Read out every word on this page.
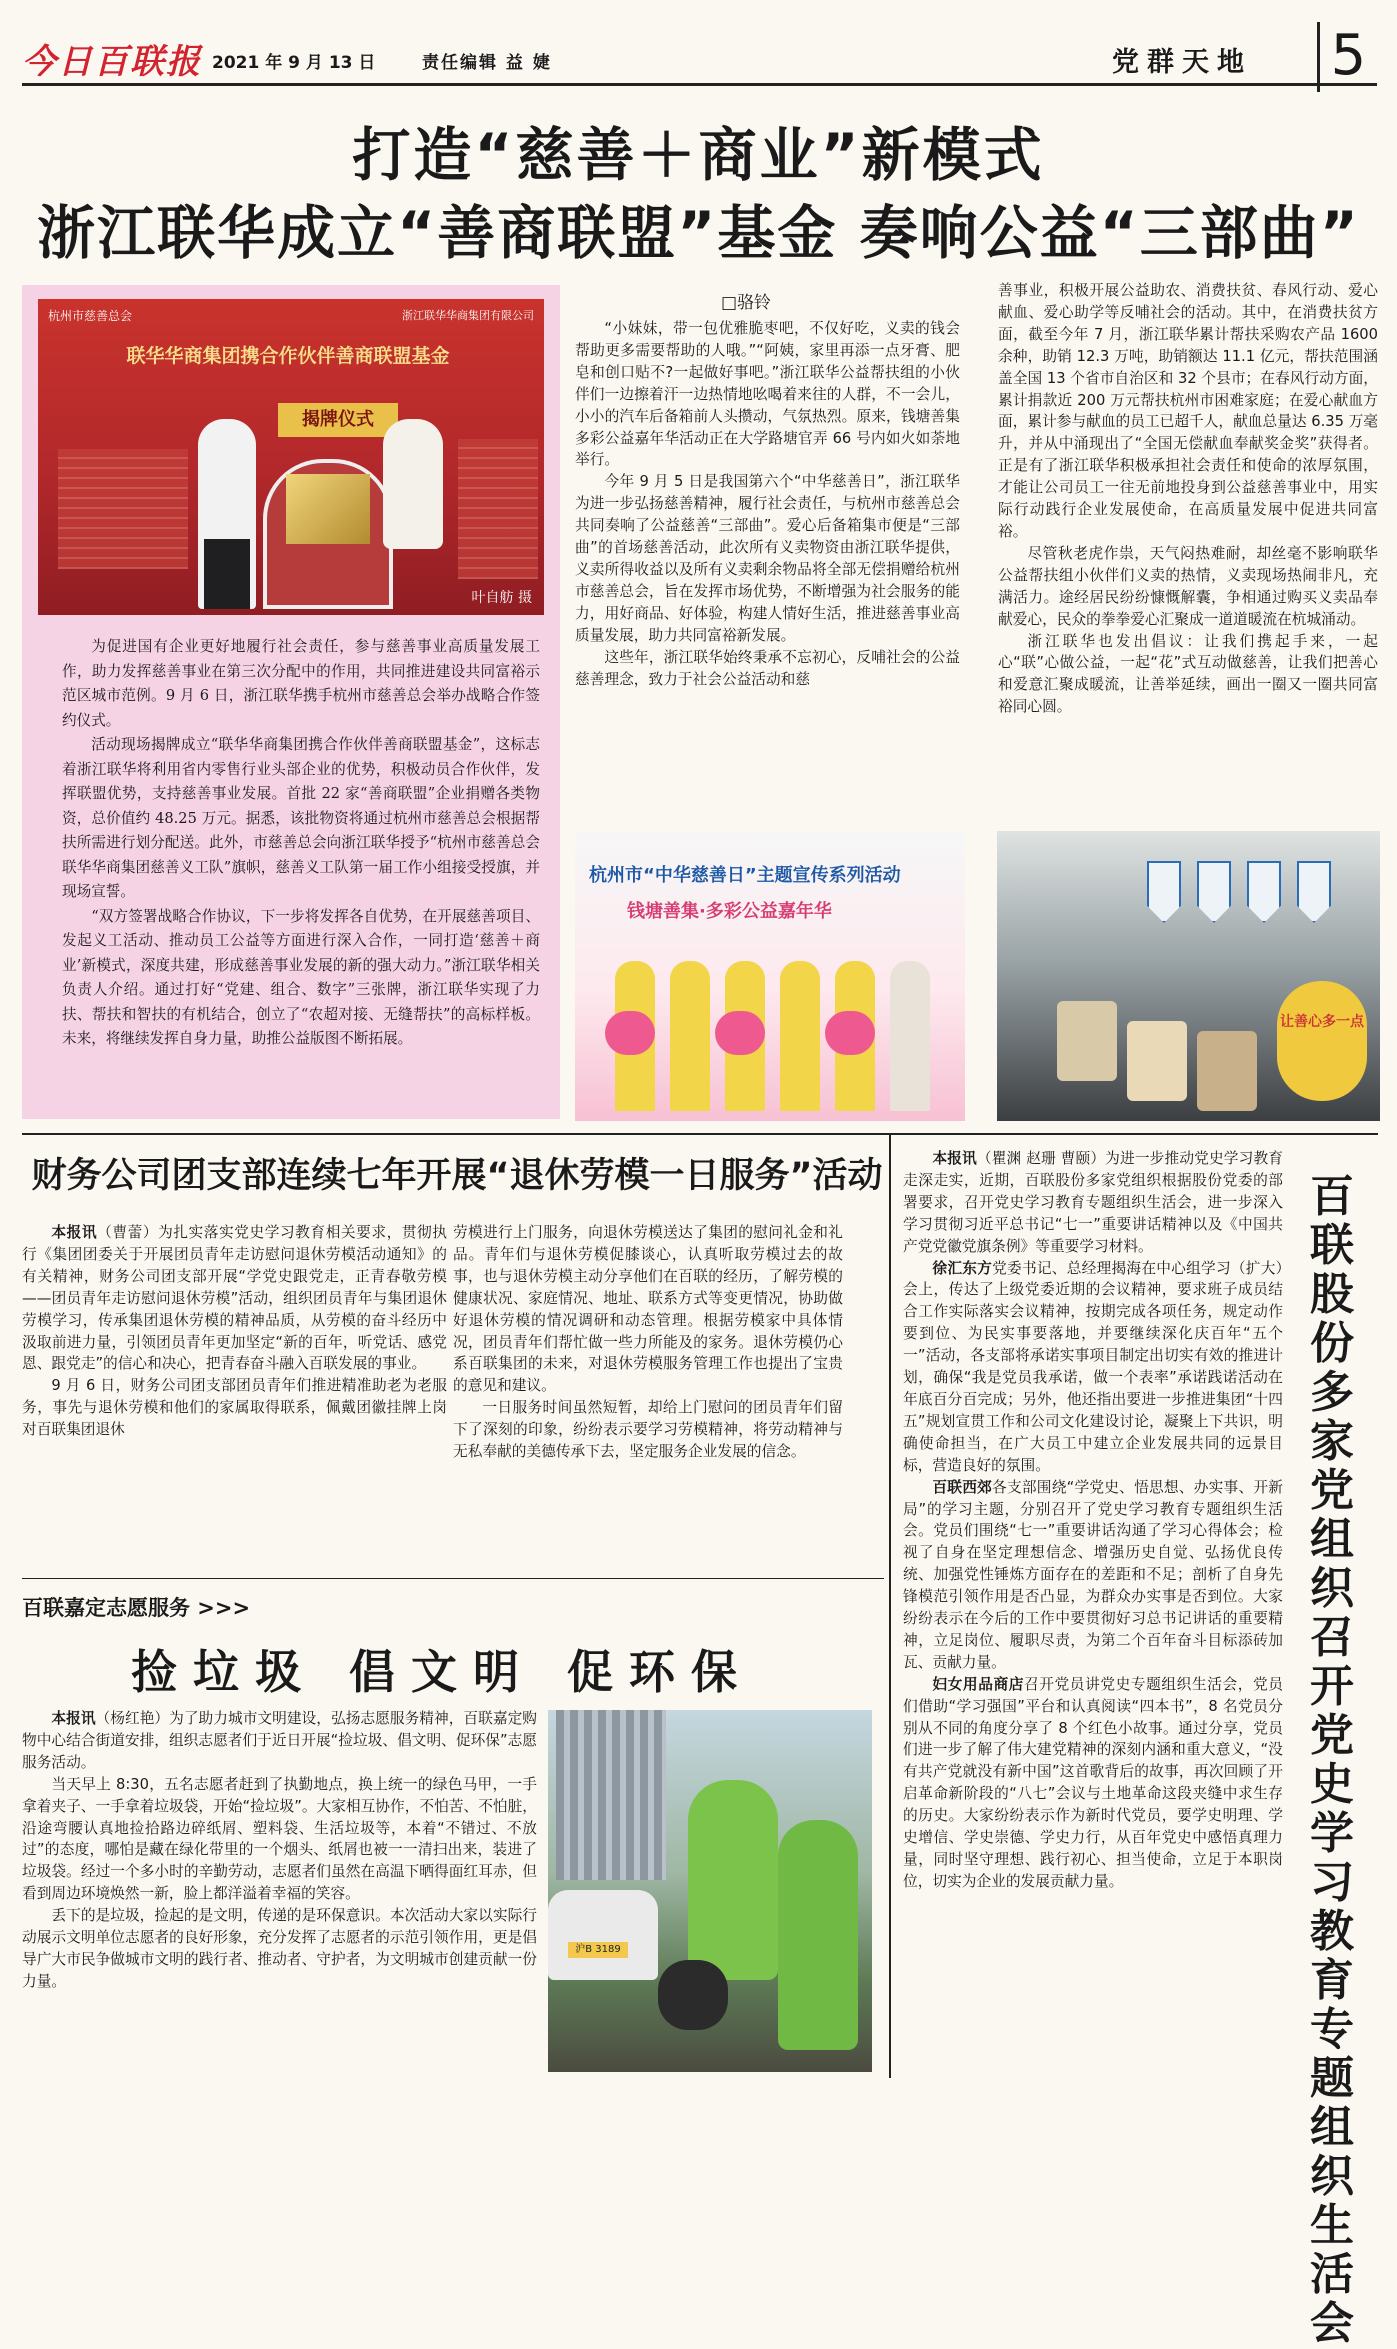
今日百联报 2021 年 9 月 13 日	责任编辑 益 婕	党群天地 5
打造“慈善＋商业”新模式
浙江联华成立“善商联盟”基金 奏响公益“三部曲”
杭州市慈善总会	浙江联华华商集团有限公司
联华华商集团携合作伙伴善商联盟基金
揭牌仪式
叶自舫 摄

为促进国有企业更好地履行社会责任，参与慈善事业高质量发展工作，助力发挥慈善事业在第三次分配中的作用，共同推进建设共同富裕示范区城市范例。9 月 6 日，浙江联华携手杭州市慈善总会举办战略合作签约仪式。

活动现场揭牌成立“联华华商集团携合作伙伴善商联盟基金”，这标志着浙江联华将利用省内零售行业头部企业的优势，积极动员合作伙伴，发挥联盟优势，支持慈善事业发展。首批 22 家“善商联盟”企业捐赠各类物资，总价值约 48.25 万元。据悉，该批物资将通过杭州市慈善总会根据帮扶所需进行划分配送。此外，市慈善总会向浙江联华授予“杭州市慈善总会联华华商集团慈善义工队”旗帜，慈善义工队第一届工作小组接受授旗，并现场宣誓。

“双方签署战略合作协议，下一步将发挥各自优势，在开展慈善项目、发起义工活动、推动员工公益等方面进行深入合作，一同打造‘慈善＋商业’新模式，深度共建，形成慈善事业发展的新的强大动力。”浙江联华相关负责人介绍。通过打好“党建、组合、数字”三张牌，浙江联华实现了力扶、帮扶和智扶的有机结合，创立了“农超对接、无缝帮扶”的高标样板。未来，将继续发挥自身力量，助推公益版图不断拓展。

□骆铃

“小妹妹，带一包优雅脆枣吧，不仅好吃，义卖的钱会帮助更多需要帮助的人哦。”“阿姨，家里再添一点牙膏、肥皂和创口贴不?一起做好事吧。”浙江联华公益帮扶组的小伙伴们一边擦着汗一边热情地吆喝着来往的人群，不一会儿，小小的汽车后备箱前人头攒动，气氛热烈。原来，钱塘善集多彩公益嘉年华活动正在大学路塘官弄 66 号内如火如荼地举行。

今年 9 月 5 日是我国第六个“中华慈善日”，浙江联华为进一步弘扬慈善精神，履行社会责任，与杭州市慈善总会共同奏响了公益慈善“三部曲”。爱心后备箱集市便是“三部曲”的首场慈善活动，此次所有义卖物资由浙江联华提供，义卖所得收益以及所有义卖剩余物品将全部无偿捐赠给杭州市慈善总会，旨在发挥市场优势，不断增强为社会服务的能力，用好商品、好体验，构建人情好生活，推进慈善事业高质量发展，助力共同富裕新发展。

这些年，浙江联华始终秉承不忘初心，反哺社会的公益慈善理念，致力于社会公益活动和慈

善事业，积极开展公益助农、消费扶贫、春风行动、爱心献血、爱心助学等反哺社会的活动。其中，在消费扶贫方面，截至今年 7 月，浙江联华累计帮扶采购农产品 1600 余种，助销 12.3 万吨，助销额达 11.1 亿元，帮扶范围涵盖全国 13 个省市自治区和 32 个县市；在春风行动方面，累计捐款近 200 万元帮扶杭州市困难家庭；在爱心献血方面，累计参与献血的员工已超千人，献血总量达 6.35 万毫升，并从中涌现出了“全国无偿献血奉献奖金奖”获得者。正是有了浙江联华积极承担社会责任和使命的浓厚氛围，才能让公司员工一往无前地投身到公益慈善事业中，用实际行动践行企业发展使命，在高质量发展中促进共同富裕。

尽管秋老虎作祟，天气闷热难耐，却丝毫不影响联华公益帮扶组小伙伴们义卖的热情，义卖现场热闹非凡，充满活力。途经居民纷纷慷慨解囊，争相通过购买义卖品奉献爱心，民众的拳拳爱心汇聚成一道道暖流在杭城涌动。

浙江联华也发出倡议：让我们携起手来，一起心“联”心做公益，一起“花”式互动做慈善，让我们把善心和爱意汇聚成暖流，让善举延续，画出一圈又一圈共同富裕同心圆。

杭州市“中华慈善日”主题宣传系列活动
钱塘善集·多彩公益嘉年华
让善心多一点
财务公司团支部连续七年开展“退休劳模一日服务”活动

本报讯（曹蕾）为扎实落实党史学习教育相关要求，贯彻执行《集团团委关于开展团员青年走访慰问退休劳模活动通知》的有关精神，财务公司团支部开展“学党史跟党走，正青春敬劳模——团员青年走访慰问退休劳模”活动，组织团员青年与集团退休劳模学习，传承集团退休劳模的精神品质，从劳模的奋斗经历中汲取前进力量，引领团员青年更加坚定“新的百年，听党话、感党恩、跟党走”的信心和决心，把青春奋斗融入百联发展的事业。

9 月 6 日，财务公司团支部团员青年们推进精准助老为老服务，事先与退休劳模和他们的家属取得联系，佩戴团徽挂牌上岗对百联集团退休

劳模进行上门服务，向退休劳模送达了集团的慰问礼金和礼品。青年们与退休劳模促膝谈心，认真听取劳模过去的故事，也与退休劳模主动分享他们在百联的经历，了解劳模的健康状况、家庭情况、地址、联系方式等变更情况，协助做好退休劳模的情况调研和动态管理。根据劳模家中具体情况，团员青年们帮忙做一些力所能及的家务。退休劳模仍心系百联集团的未来，对退休劳模服务管理工作也提出了宝贵的意见和建议。

一日服务时间虽然短暂，却给上门慰问的团员青年们留下了深刻的印象，纷纷表示要学习劳模精神，将劳动精神与无私奉献的美德传承下去，坚定服务企业发展的信念。

百联嘉定志愿服务 >>>
捡垃圾 倡文明 促环保

本报讯（杨红艳）为了助力城市文明建设，弘扬志愿服务精神，百联嘉定购物中心结合街道安排，组织志愿者们于近日开展“捡垃圾、倡文明、促环保”志愿服务活动。

当天早上 8:30，五名志愿者赶到了执勤地点，换上统一的绿色马甲，一手拿着夹子、一手拿着垃圾袋，开始“捡垃圾”。大家相互协作，不怕苦、不怕脏，沿途弯腰认真地捡拾路边碎纸屑、塑料袋、生活垃圾等，本着“不错过、不放过”的态度，哪怕是藏在绿化带里的一个烟头、纸屑也被一一清扫出来，装进了垃圾袋。经过一个多小时的辛勤劳动，志愿者们虽然在高温下晒得面红耳赤，但看到周边环境焕然一新，脸上都洋溢着幸福的笑容。

丢下的是垃圾，捡起的是文明，传递的是环保意识。本次活动大家以实际行动展示文明单位志愿者的良好形象，充分发挥了志愿者的示范引领作用，更是倡导广大市民争做城市文明的践行者、推动者、守护者，为文明城市创建贡献一份力量。

沪B 3189

本报讯（瞿渊 赵珊 曹颐）为进一步推动党史学习教育走深走实，近期，百联股份多家党组织根据股份党委的部署要求，召开党史学习教育专题组织生活会，进一步深入学习贯彻习近平总书记“七一”重要讲话精神以及《中国共产党党徽党旗条例》等重要学习材料。

徐汇东方党委书记、总经理揭海在中心组学习（扩大）会上，传达了上级党委近期的会议精神，要求班子成员结合工作实际落实会议精神，按期完成各项任务，规定动作要到位、为民实事要落地，并要继续深化庆百年“五个一”活动，各支部将承诺实事项目制定出切实有效的推进计划，确保“我是党员我承诺，做一个表率”承诺践诺活动在年底百分百完成；另外，他还指出要进一步推进集团“十四五”规划宣贯工作和公司文化建设讨论，凝聚上下共识，明确使命担当，在广大员工中建立企业发展共同的远景目标，营造良好的氛围。

百联西郊各支部围绕“学党史、悟思想、办实事、开新局”的学习主题，分别召开了党史学习教育专题组织生活会。党员们围绕“七一”重要讲话沟通了学习心得体会；检视了自身在坚定理想信念、增强历史自觉、弘扬优良传统、加强党性锤炼方面存在的差距和不足；剖析了自身先锋模范引领作用是否凸显，为群众办实事是否到位。大家纷纷表示在今后的工作中要贯彻好习总书记讲话的重要精神，立足岗位、履职尽责，为第二个百年奋斗目标添砖加瓦、贡献力量。

妇女用品商店召开党员讲党史专题组织生活会，党员们借助“学习强国”平台和认真阅读“四本书”，8 名党员分别从不同的角度分享了 8 个红色小故事。通过分享，党员们进一步了解了伟大建党精神的深刻内涵和重大意义，“没有共产党就没有新中国”这首歌背后的故事，再次回顾了开启革命新阶段的“八七”会议与土地革命这段夹缝中求生存的历史。大家纷纷表示作为新时代党员，要学史明理、学史增信、学史崇德、学史力行，从百年党史中感悟真理力量，同时坚守理想、践行初心、担当使命，立足于本职岗位，切实为企业的发展贡献力量。

百联股份多家党组织召开党史学习教育专题组织生活会
